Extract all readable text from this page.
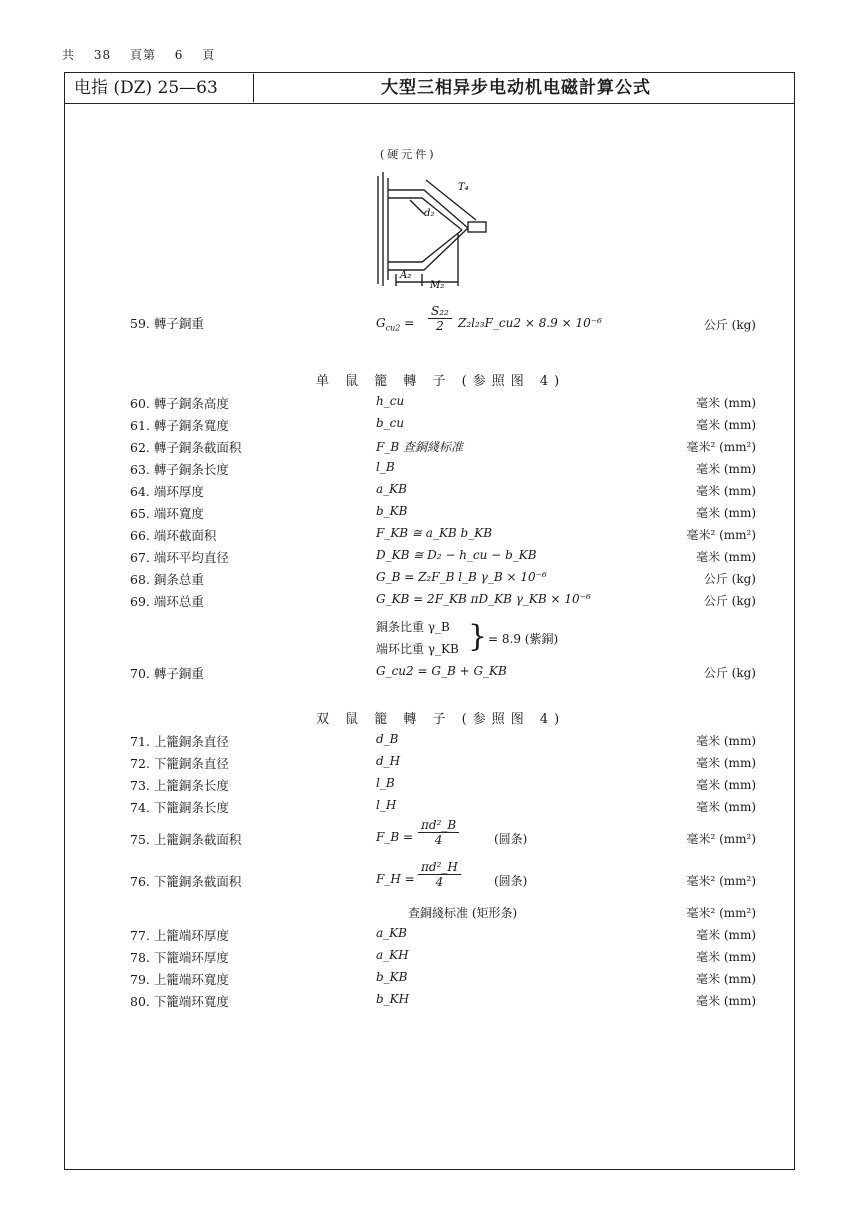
共 38 頁第 6 頁
电指 (DZ) 25—63	大型三相异步电动机电磁計算公式
(硬元件)
T₄
d₂
A₂
M₂
59. 轉子銅重	$G_{cu2} = \frac{\text{S₂₂}}{2}$ Z₂l₂₃F_cu2 × 8.9 × 10⁻⁶	公斤 (kg)
单 鼠 籠 轉 子 (参照图 4)
60. 轉子銅条高度	h_cu	毫米 (mm)
61. 轉子銅条寬度	b_cu	毫米 (mm)
62. 轉子銅条截面积	F_B 查銅綫标准	毫米² (mm²)
63. 轉子銅条长度	l_B	毫米 (mm)
64. 端环厚度	a_KB	毫米 (mm)
65. 端环寬度	b_KB	毫米 (mm)
66. 端环截面积	F_KB ≅ a_KB b_KB	毫米² (mm²)
67. 端环平均直径	D_KB ≅ D₂ − h_cu − b_KB	毫米 (mm)
68. 銅条总重	G_B = Z₂F_B l_B γ_B × 10⁻⁶	公斤 (kg)
69. 端环总重	G_KB = 2F_KB πD_KB γ_KB × 10⁻⁶	公斤 (kg)
銅条比重 γ_B
端环比重 γ_KB } = 8.9 (紫銅)
70. 轉子銅重	G_cu2 = G_B + G_KB	公斤 (kg)
双 鼠 籠 轉 子 (参照图 4)
71. 上籠銅条直径	d_B	毫米 (mm)
72. 下籠銅条直径	d_H	毫米 (mm)
73. 上籠銅条长度	l_B	毫米 (mm)
74. 下籠銅条长度	l_H	毫米 (mm)
75. 上籠銅条截面积	F_B = $\frac{\text{πd²\_B}}{4}$	(圆条)	毫米² (mm²)
76. 下籠銅条截面积	F_H = $\frac{\text{πd²\_H}}{4}$	(圆条)	毫米² (mm²)
查銅綫标准 (矩形条)	毫米² (mm²)
77. 上籠端环厚度	a_KB	毫米 (mm)
78. 下籠端环厚度	a_KH	毫米 (mm)
79. 上籠端环寬度	b_KB	毫米 (mm)
80. 下籠端环寬度	b_KH	毫米 (mm)
